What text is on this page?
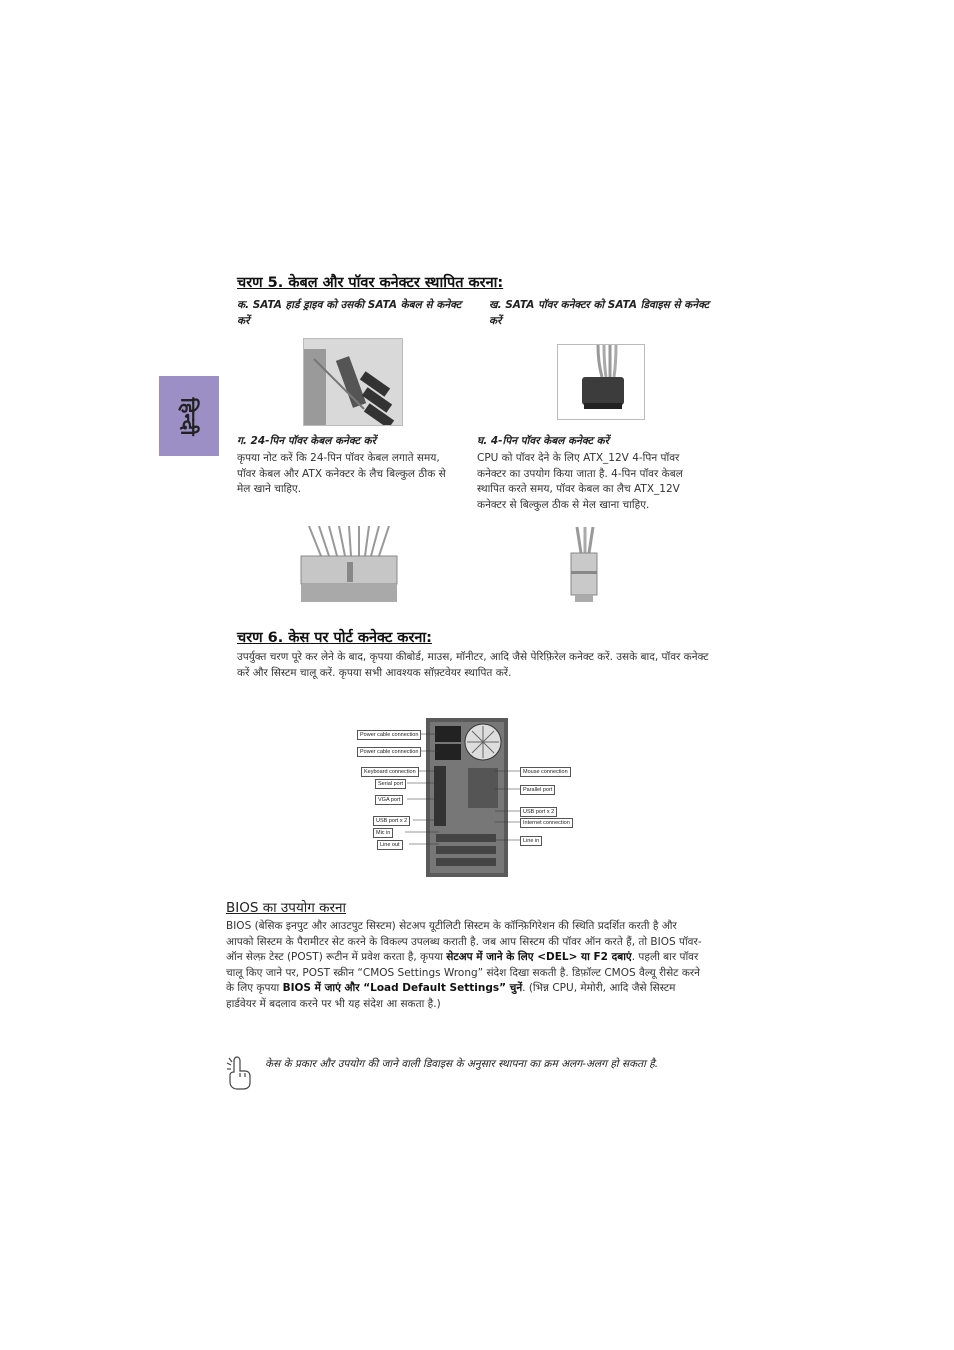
हिन्दी
चरण 5. केबल और पॉवर कनेक्टर स्थापित करना:
क. SATA हार्ड ड्राइव को उसकी SATA केबल से कनेक्ट करें
ख. SATA पॉवर कनेक्टर को SATA डिवाइस से कनेक्ट करें
ग. 24-पिन पॉवर केबल कनेक्ट करें
कृपया नोट करें कि 24-पिन पॉवर केबल लगाते समय, पॉवर केबल और ATX कनेक्टर के लैच बिल्कुल ठीक से मेल खाने चाहिए.
घ. 4-पिन पॉवर केबल कनेक्ट करें
CPU को पॉवर देने के लिए ATX_12V 4-पिन पॉवर कनेक्टर का उपयोग किया जाता है. 4-पिन पॉवर केबल स्थापित करते समय, पॉवर केबल का लैच ATX_12V कनेक्टर से बिल्कुल ठीक से मेल खाना चाहिए.
चरण 6. केस पर पोर्ट कनेक्ट करना:
उपर्युक्त चरण पूरे कर लेने के बाद, कृपया कीबोर्ड, माउस, मॉनीटर, आदि जैसे पेरिफ़िरेल कनेक्ट करें. उसके बाद, पॉवर कनेक्ट करें और सिस्टम चालू करें. कृपया सभी आवश्यक सॉफ़्टवेयर स्थापित करें.
Power cable connection
Power cable connection
Keyboard connection
Serial port
VGA port
USB port x 2
Mic in
Line out
Mouse connection
Parallel port
USB port x 2
Internet connection
Line in
BIOS का उपयोग करना
BIOS (बेसिक इनपुट और आउटपुट सिस्टम) सेटअप यूटीलिटी सिस्टम के कॉन्फ़िगिरेशन की स्थिति प्रदर्शित करती है और आपको सिस्टम के पैरामीटर सेट करने के विकल्प उपलब्ध कराती है. जब आप सिस्टम की पॉवर ऑन करते हैं, तो BIOS पॉवर-ऑन सेल्फ़ टेस्ट (POST) रूटीन में प्रवेश करता है, कृपया सेटअप में जाने के लिए <DEL> या F2 दबाएं. पहली बार पॉवर चालू किए जाने पर, POST स्क्रीन “CMOS Settings Wrong” संदेश दिखा सकती है. डिफ़ॉल्ट CMOS वैल्यू रीसेट करने के लिए कृपया BIOS में जाएं और “Load Default Settings” चुनें. (भिन्न CPU, मेमोरी, आदि जैसे सिस्टम हार्डवेयर में बदलाव करने पर भी यह संदेश आ सकता है.)
केस के प्रकार और उपयोग की जाने वाली डिवाइस के अनुसार स्थापना का क्रम अलग-अलग हो सकता है.
